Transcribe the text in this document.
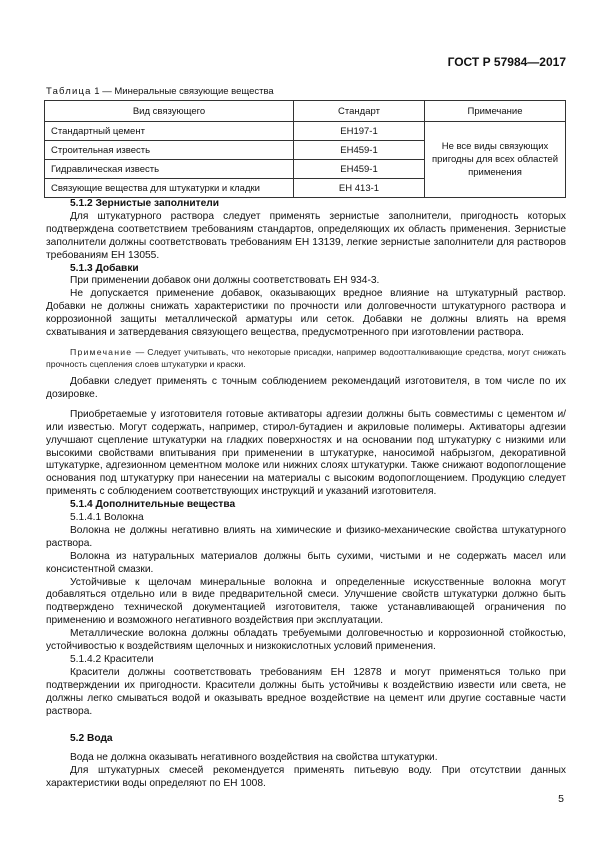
ГОСТ Р 57984—2017
Таблица 1 — Минеральные связующие вещества
Вид связующего	Стандарт	Примечание
Стандартный цемент	ЕН197-1	Не все виды связующих пригодны для всех областей применения
Строительная известь	ЕН459-1	
Гидравлическая известь	ЕН459-1	
Связующие вещества для штукатурки и кладки	ЕН 413-1	

5.1.2 Зернистые заполнители

Для штукатурного раствора следует применять зернистые заполнители, пригодность которых подтверждена соответствием требованиям стандартов, определяющих их область применения. Зернистые заполнители должны соответствовать требованиям ЕН 13139, легкие зернистые заполнители для растворов требованиям ЕН 13055.

5.1.3 Добавки

При применении добавок они должны соответствовать ЕН 934-3.

Не допускается применение добавок, оказывающих вредное влияние на штукатурный раствор. Добавки не должны снижать характеристики по прочности или долговечности штукатурного раствора и коррозионной защиты металлической арматуры или сеток. Добавки не должны влиять на время схватывания и затвердевания связующего вещества, предусмотренного при изготовлении раствора.

Примечание — Следует учитывать, что некоторые присадки, например водоотталкивающие средства, могут снижать прочность сцепления слоев штукатурки и краски.

Добавки следует применять с точным соблюдением рекомендаций изготовителя, в том числе по их дозировке.

Приобретаемые у изготовителя готовые активаторы адгезии должны быть совместимы с цементом и/или известью. Могут содержать, например, стирол-бутадиен и акриловые полимеры. Активаторы адгезии улучшают сцепление штукатурки на гладких поверхностях и на основании под штукатурку с низкими или высокими свойствами впитывания при применении в штукатурке, наносимой набрызгом, декоративной штукатурке, адгезионном цементном молоке или нижних слоях штукатурки. Также снижают водопоглощение основания под штукатурку при нанесении на материалы с высоким водопоглощением. Продукцию следует применять с соблюдением соответствующих инструкций и указаний изготовителя.

5.1.4 Дополнительные вещества

5.1.4.1 Волокна

Волокна не должны негативно влиять на химические и физико-механические свойства штукатурного раствора.

Волокна из натуральных материалов должны быть сухими, чистыми и не содержать масел или консистентной смазки.

Устойчивые к щелочам минеральные волокна и определенные искусственные волокна могут добавляться отдельно или в виде предварительной смеси. Улучшение свойств штукатурки должно быть подтверждено технической документацией изготовителя, также устанавливающей ограничения по применению и возможного негативного воздействия при эксплуатации.

Металлические волокна должны обладать требуемыми долговечностью и коррозионной стойкостью, устойчивостью к воздействиям щелочных и низкокислотных условий применения.

5.1.4.2 Красители

Красители должны соответствовать требованиям ЕН 12878 и могут применяться только при подтверждении их пригодности. Красители должны быть устойчивы к воздействию извести или света, не должны легко смываться водой и оказывать вредное воздействие на цемент или другие составные части раствора.

5.2 Вода

Вода не должна оказывать негативного воздействия на свойства штукатурки.

Для штукатурных смесей рекомендуется применять питьевую воду. При отсутствии данных характеристики воды определяют по ЕН 1008.

5
